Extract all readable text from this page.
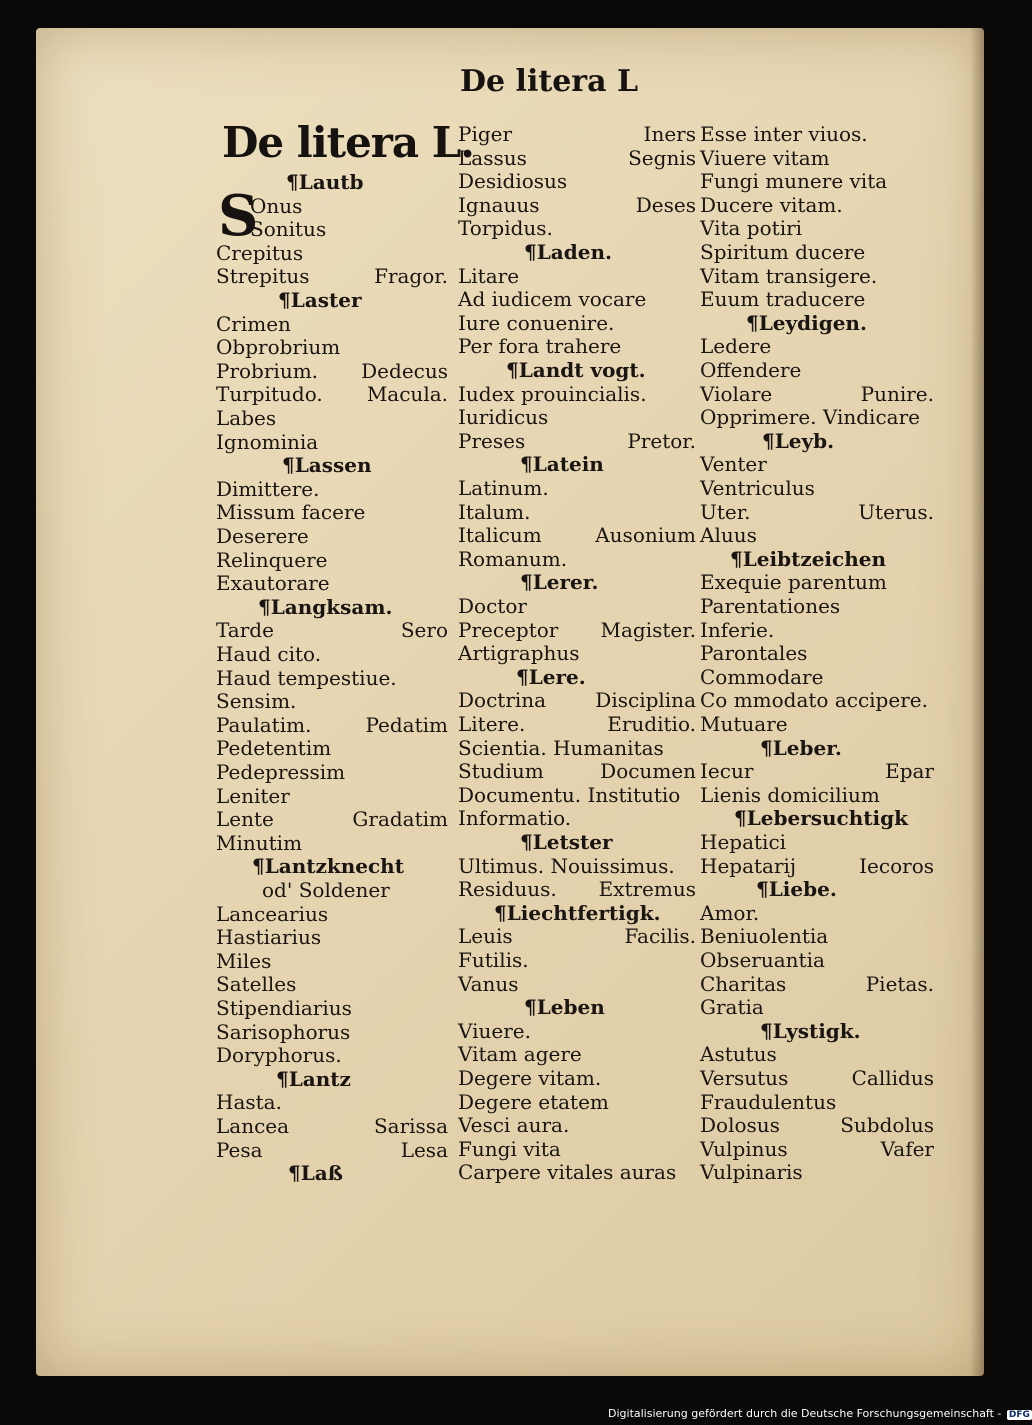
De litera L
De litera L.
¶Lautb
Onus
S
Sonitus
Crepitus
Strepitus	Fragor.
¶Laster
Crimen
Obprobrium
Probrium. Dedecus
Turpitudo. Macula.
Labes
Ignominia
¶Lassen
Dimittere.
Missum facere
Deserere
Relinquere
Exautorare
¶Langksam.
Tarde	Sero
Haud cito.
Haud tempestiue.
Sensim.
Paulatim.	Pedatim
Pedetentim
Pedepressim
Leniter
Lente	Gradatim
Minutim
¶Lantzknecht
od' Soldener
Lancearius
Hastiarius
Miles
Satelles
Stipendiarius
Sarisophorus
Doryphorus.
¶Lantz
Hasta.
Lancea	Sarissa
Pesa	Lesa
¶Laß
Piger	Iners
Lassus	Segnis
Desidiosus
Ignauus	Deses
Torpidus.
¶Laden.
Litare
Ad iudicem vocare
Iure conuenire.
Per fora trahere
¶Landt vogt.
Iudex prouincialis.
Iuridicus
Preses	Pretor.
¶Latein
Latinum.
Italum.
Italicum	Ausonium
Romanum.
¶Lerer.
Doctor
Preceptor Magister.
Artigraphus
¶Lere.
Doctrina Disciplina
Litere.	Eruditio.
Scientia. Humanitas
Studium	Documen
Documentu. Institutio
Informatio.
¶Letster
Ultimus. Nouissimus.
Residuus. Extremus
¶Liechtfertigk.
Leuis	Facilis.
Futilis.
Vanus
¶Leben
Viuere.
Vitam agere
Degere vitam.
Degere etatem
Vesci aura.
Fungi vita
Carpere vitales auras
Esse inter viuos.
Viuere vitam
Fungi munere vita
Ducere vitam.
Vita potiri
Spiritum ducere
Vitam transigere.
Euum traducere
¶Leydigen.
Ledere
Offendere
Violare	Punire.
Opprimere. Vindicare
¶Leyb.
Venter
Ventriculus
Uter.	Uterus.
Aluus
¶Leibtzeichen
Exequie parentum
Parentationes
Inferie.
Parontales
Commodare
Co mmodato accipere.
Mutuare
¶Leber.
Iecur	Epar
Lienis domicilium
¶Lebersuchtigk
Hepatici
Hepatarij	Iecoros
¶Liebe.
Amor.
Beniuolentia
Obseruantia
Charitas	Pietas.
Gratia
¶Lystigk.
Astutus
Versutus	Callidus
Fraudulentus
Dolosus	Subdolus
Vulpinus	Vafer
Vulpinaris
Digitalisierung gefördert durch die Deutsche Forschungsgemeinschaft - DFG
